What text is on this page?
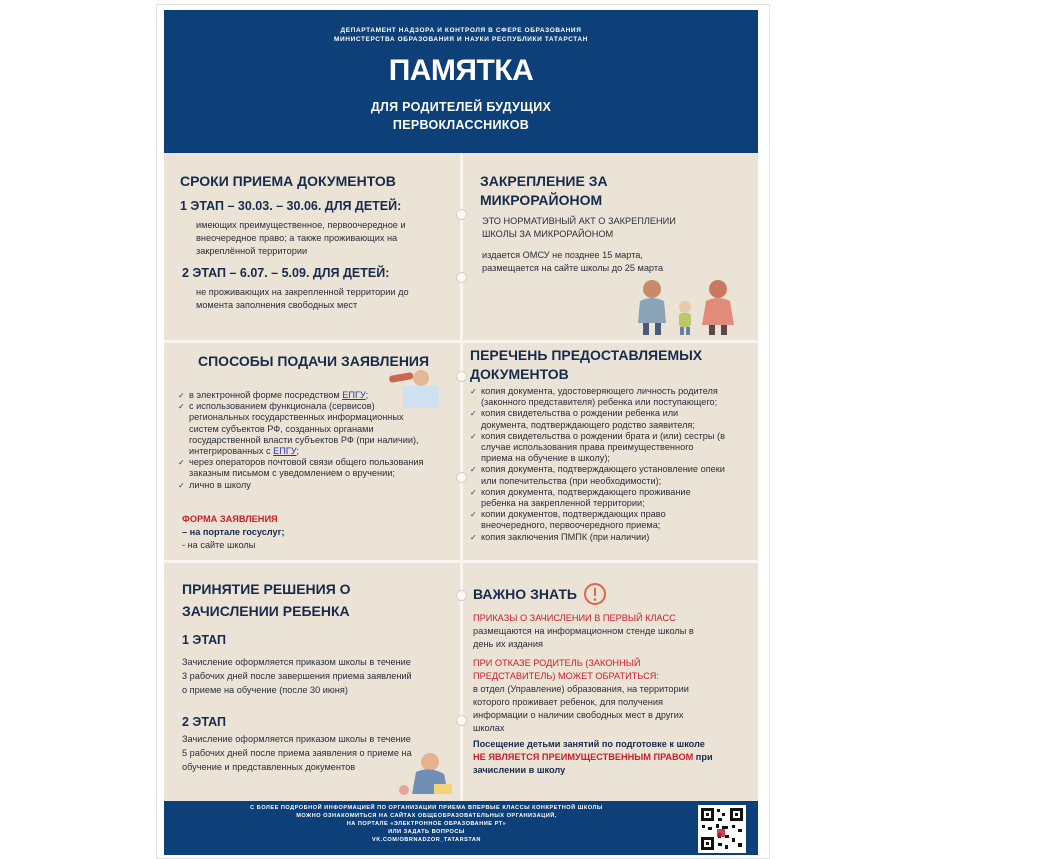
ДЕПАРТАМЕНТ НАДЗОРА И КОНТРОЛЯ В СФЕРЕ ОБРАЗОВАНИЯ
МИНИСТЕРСТВА ОБРАЗОВАНИЯ И НАУКИ РЕСПУБЛИКИ ТАТАРСТАН
ПАМЯТКА
ДЛЯ РОДИТЕЛЕЙ БУДУЩИХ
ПЕРВОКЛАССНИКОВ
СРОКИ ПРИЕМА ДОКУМЕНТОВ
1 ЭТАП – 30.03. – 30.06. ДЛЯ ДЕТЕЙ:

имеющих преимущественное, первоочередное и

внеочередное право; а также проживающих на

закреплённой территории

2 ЭТАП – 6.07. – 5.09. ДЛЯ ДЕТЕЙ:

не проживающих на закрепленной территории до

момента заполнения свободных мест

ЗАКРЕПЛЕНИЕ ЗА
МИКРОРАЙОНОМ

ЭТО НОРМАТИВНЫЙ АКТ О ЗАКРЕПЛЕНИИ

ШКОЛЫ ЗА МИКРОРАЙОНОМ

издается ОМСУ не позднее 15 марта,

размещается на сайте школы до 25 марта

СПОСОБЫ ПОДАЧИ ЗАЯВЛЕНИЯ
✓ в электронной форме посредством ЕПГУ;
✓ с использованием функционала (сервисов)
региональных государственных информационных
систем субъектов РФ, созданных органами
государственной власти субъектов РФ (при наличии),
интегрированных с ЕПГУ;
✓ через операторов почтовой связи общего пользования
заказным письмом с уведомлением о вручении;
✓ лично в школу

ФОРМА ЗАЯВЛЕНИЯ

– на портале госуслуг;

- на сайте школы

ПЕРЕЧЕНЬ ПРЕДОСТАВЛЯЕМЫХ
ДОКУМЕНТОВ
✓ копия документа, удостоверяющего личность родителя
(законного представителя) ребенка или поступающего;
✓ копия свидетельства о рождении ребенка или
документа, подтверждающего родство заявителя;
✓ копия свидетельства о рождении брата и (или) сестры (в
случае использования права преимущественного
приема на обучение в школу);
✓ копия документа, подтверждающего установление опеки
или попечительства (при необходимости);
✓ копия документа, подтверждающего проживание
ребенка на закрепленной территории;
✓ копии документов, подтверждающих право
внеочередного, первоочередного приема;
✓ копия заключения ПМПК (при наличии)
ПРИНЯТИЕ РЕШЕНИЯ О
ЗАЧИСЛЕНИИ РЕБЕНКА
1 ЭТАП

Зачисление оформляется приказом школы в течение

3 рабочих дней после завершения приема заявлений

о приеме на обучение (после 30 июня)

2 ЭТАП

Зачисление оформляется приказом школы в течение

5 рабочих дней после приема заявления о приеме на

обучение и представленных документов

ВАЖНО ЗНАТЬ

ПРИКАЗЫ О ЗАЧИСЛЕНИИ В ПЕРВЫЙ КЛАСС

размещаются на информационном стенде школы в

день их издания

ПРИ ОТКАЗЕ РОДИТЕЛЬ (ЗАКОННЫЙ

ПРЕДСТАВИТЕЛЬ) МОЖЕТ ОБРАТИТЬСЯ:

в отдел (Управление) образования, на территории

которого проживает ребенок, для получения

информации о наличии свободных мест в других

школах

Посещение детьми занятий по подготовке к школе

НЕ ЯВЛЯЕТСЯ ПРЕИМУЩЕСТВЕННЫМ ПРАВОМ при

зачислении в школу

С БОЛЕЕ ПОДРОБНОЙ ИНФОРМАЦИЕЙ ПО ОРГАНИЗАЦИИ ПРИЕМА ВПЕРВЫЕ КЛАССЫ КОНКРЕТНОЙ ШКОЛЫ
МОЖНО ОЗНАКОМИТЬСЯ НА САЙТАХ ОБЩЕОБРАЗОВАТЕЛЬНЫХ ОРГАНИЗАЦИЙ,
НА ПОРТАЛЕ «ЭЛЕКТРОННОЕ ОБРАЗОВАНИЕ РТ»
ИЛИ ЗАДАТЬ ВОПРОСЫ
VK.COM/OBRNADZOR_TATARSTAN
